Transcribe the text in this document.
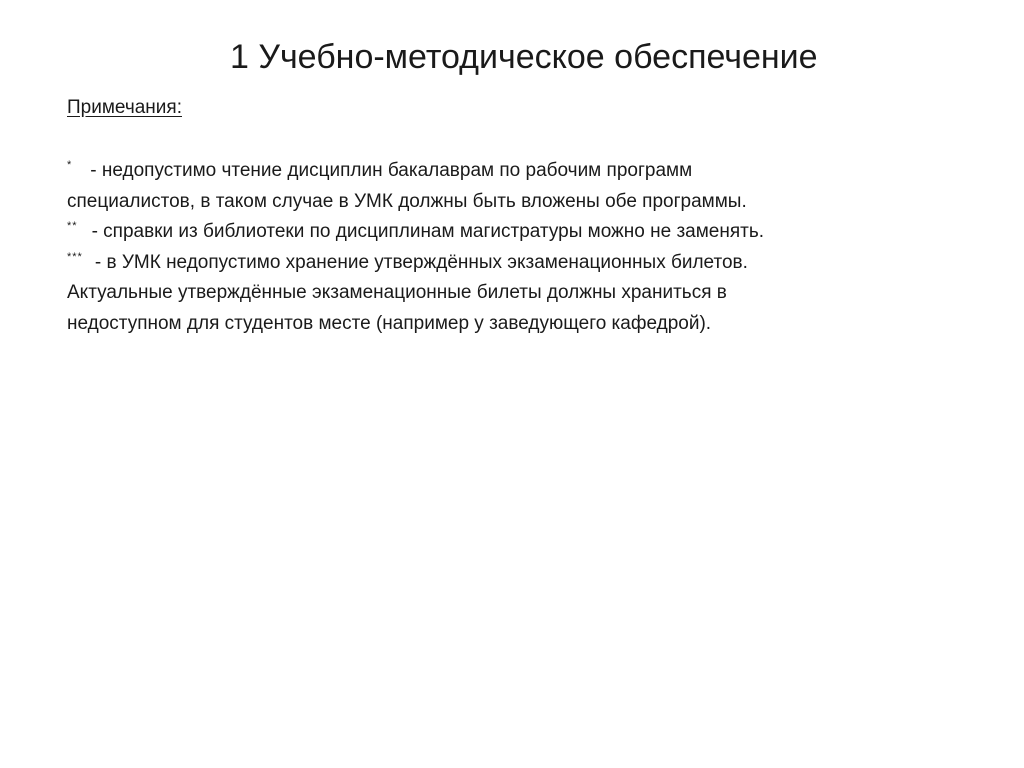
1 Учебно-методическое обеспечение
Примечания:
* - недопустимо чтение дисциплин бакалаврам по рабочим программ
специалистов, в таком случае в УМК должны быть вложены обе программы.
** - справки из библиотеки по дисциплинам магистратуры можно не заменять.
*** - в УМК недопустимо хранение утверждённых экзаменационных билетов.
Актуальные утверждённые экзаменационные билеты должны храниться в
недоступном для студентов месте (например у заведующего кафедрой).
